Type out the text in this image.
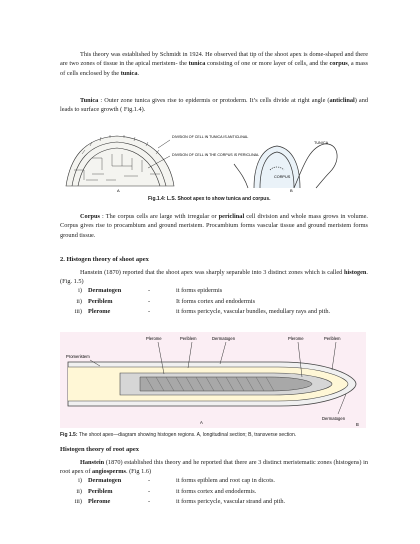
This theory was established by Schmidt in 1924. He observed that tip of the shoot apex is dome-shaped and there are two zones of tissue in the apical meristem- the tunica consisting of one or more layer of cells, and the corpus, a mass of cells enclosed by the tunica.

Tunica : Outer zone tunica gives rise to epidermis or protoderm. It’s cells divide at right angle (anticlinal) and leads to surface growth ( Fig.1.4).

DIVISION OF CELL IN TUNICA IS ANTICLINAL
DIVISION OF CELL IN THE CORPUS IS PERICLINAL
A
TUNICA
CORPUS
B
Fig.1.4: L.S. Shoot apex to show tunica and corpus.

Corpus : The corpus cells are large with irregular or periclinal cell division and whole mass grows in volume. Corpus gives rise to procambium and ground meristem. Procambium forms vascular tissue and ground meristem forms ground tissue.

2. Histogen theory of shoot apex

Hanstein (1870) reported that the shoot apex was sharply separable into 3 distinct zones which is called histogen. (Fig. 1.5)

i) Dermatogen	-	it forms epidermis
ii) Periblem	-	It forms cortex and endodermis
iii) Plerome	-	it forms pericycle, vascular bundles, medullary rays and pith.
Plerome	Periblem	Dermatogen
Promeristem
Plerome	Periblem
Dermatogen
A	B
Fig 1.5: The shoot apex—diagram showing histogen regions. A, longitudinal section; B, transverse section.

Histogen theory of root apex

Hanstein (1870) established this theory and he reported that there are 3 distinct meristematic zones (histogens) in root apex of angiosperms. (Fig 1.6)

i) Dermatogen	-	it forms epiblem and root cap in dicots.
ii) Periblem	-	it forms cortex and endodermis.
iii) Plerome	-	it forms pericycle, vascular strand and pith.
